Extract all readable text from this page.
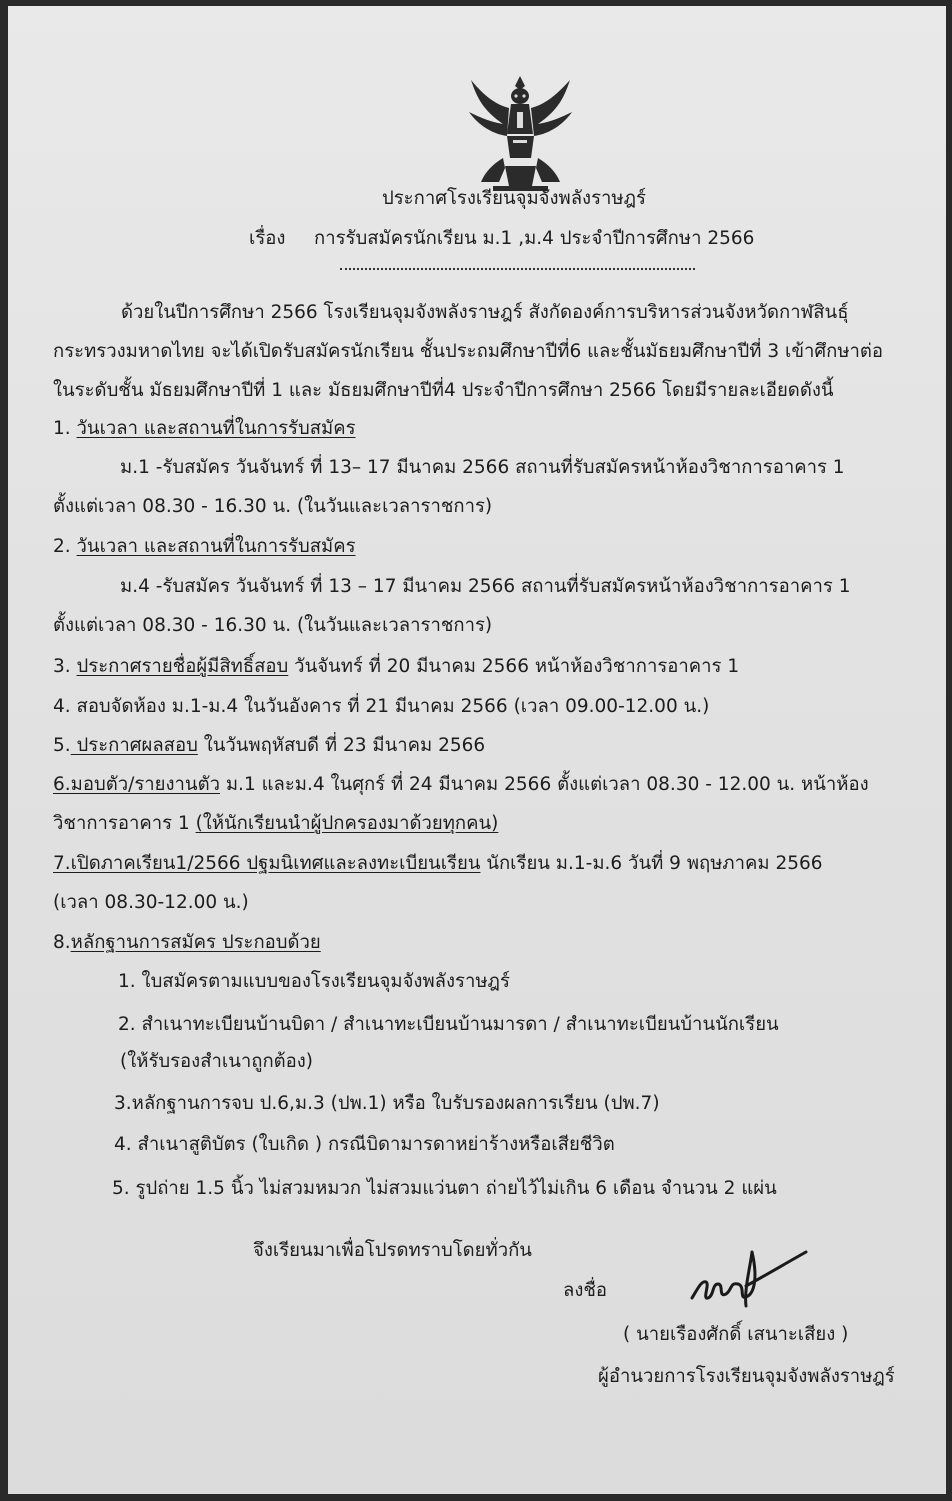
ประกาศโรงเรียนจุมจังพลังราษฎร์
เรื่อง การรับสมัครนักเรียน ม.1 ,ม.4 ประจำปีการศึกษา 2566
ด้วยในปีการศึกษา 2566 โรงเรียนจุมจังพลังราษฎร์ สังกัดองค์การบริหารส่วนจังหวัดกาฬสินธุ์
กระทรวงมหาดไทย จะได้เปิดรับสมัครนักเรียน ชั้นประถมศึกษาปีที่6 และชั้นมัธยมศึกษาปีที่ 3 เข้าศึกษาต่อ
ในระดับชั้น มัธยมศึกษาปีที่ 1 และ มัธยมศึกษาปีที่4 ประจำปีการศึกษา 2566 โดยมีรายละเอียดดังนี้
1. วันเวลา และสถานที่ในการรับสมัคร
ม.1 -รับสมัคร วันจันทร์ ที่ 13– 17 มีนาคม 2566 สถานที่รับสมัครหน้าห้องวิชาการอาคาร 1
ตั้งแต่เวลา 08.30 - 16.30 น. (ในวันและเวลาราชการ)
2. วันเวลา และสถานที่ในการรับสมัคร
ม.4 -รับสมัคร วันจันทร์ ที่ 13 – 17 มีนาคม 2566 สถานที่รับสมัครหน้าห้องวิชาการอาคาร 1
ตั้งแต่เวลา 08.30 - 16.30 น. (ในวันและเวลาราชการ)
3. ประกาศรายชื่อผู้มีสิทธิ์สอบ วันจันทร์ ที่ 20 มีนาคม 2566 หน้าห้องวิชาการอาคาร 1
4. สอบจัดห้อง ม.1-ม.4 ในวันอังคาร ที่ 21 มีนาคม 2566 (เวลา 09.00-12.00 น.)
5. ประกาศผลสอบ ในวันพฤหัสบดี ที่ 23 มีนาคม 2566
6.มอบตัว/รายงานตัว ม.1 และม.4 ในศุกร์ ที่ 24 มีนาคม 2566 ตั้งแต่เวลา 08.30 - 12.00 น. หน้าห้อง
วิชาการอาคาร 1 (ให้นักเรียนนำผู้ปกครองมาด้วยทุกคน)
7.เปิดภาคเรียน1/2566 ปฐมนิเทศและลงทะเบียนเรียน นักเรียน ม.1-ม.6 วันที่ 9 พฤษภาคม 2566
(เวลา 08.30-12.00 น.)
8.หลักฐานการสมัคร ประกอบด้วย
1. ใบสมัครตามแบบของโรงเรียนจุมจังพลังราษฎร์
2. สำเนาทะเบียนบ้านบิดา / สำเนาทะเบียนบ้านมารดา / สำเนาทะเบียนบ้านนักเรียน
(ให้รับรองสำเนาถูกต้อง)
3.หลักฐานการจบ ป.6,ม.3 (ปพ.1) หรือ ใบรับรองผลการเรียน (ปพ.7)
4. สำเนาสูติบัตร (ใบเกิด ) กรณีบิดามารดาหย่าร้างหรือเสียชีวิต
5. รูปถ่าย 1.5 นิ้ว ไม่สวมหมวก ไม่สวมแว่นตา ถ่ายไว้ไม่เกิน 6 เดือน จำนวน 2 แผ่น
จึงเรียนมาเพื่อโปรดทราบโดยทั่วกัน
ลงชื่อ
( นายเรืองศักดิ์ เสนาะเสียง )
ผู้อำนวยการโรงเรียนจุมจังพลังราษฎร์
